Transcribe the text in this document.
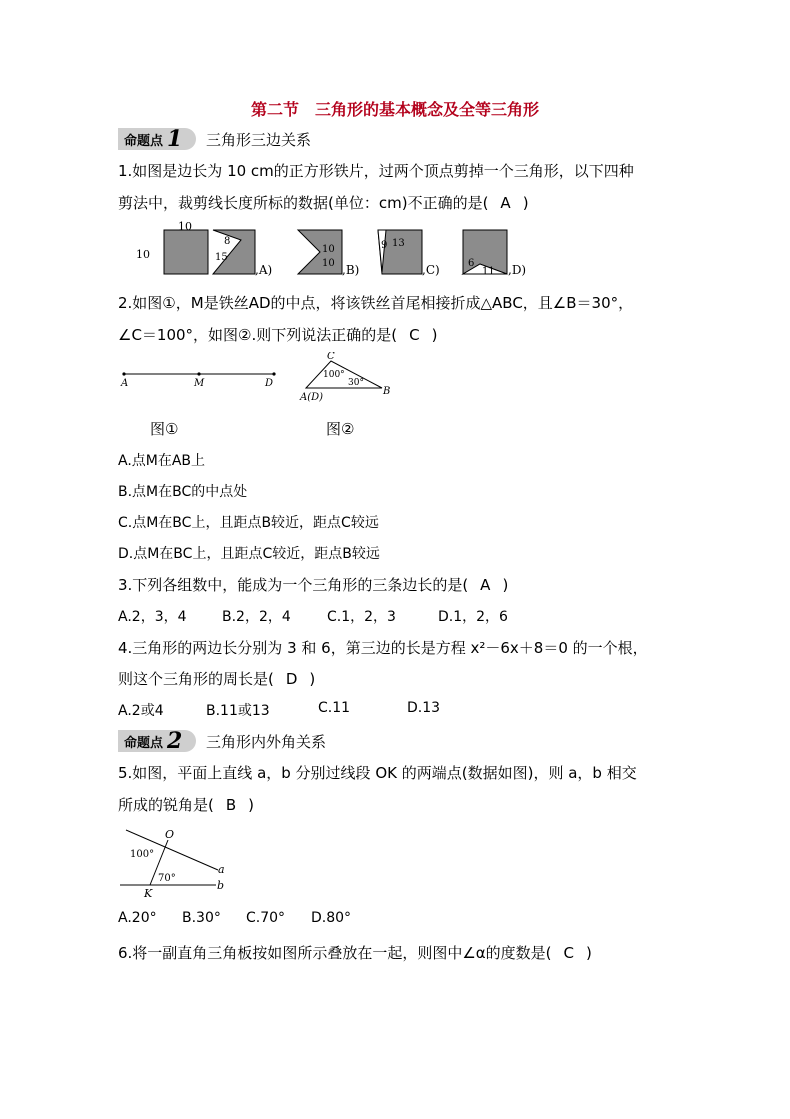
第二节　三角形的基本概念及全等三角形
命题点 1 三角形三边关系
1.如图是边长为 10 cm的正方形铁片，过两个顶点剪掉一个三角形，以下四种
剪法中，裁剪线长度所标的数据(单位：cm)不正确的是( A )
10
10
8
15
,A)
10
10 ,B)
9 13
,C)	6
11 ,D)
2.如图①，M是铁丝AD的中点，将该铁丝首尾相接折成△ABC，且∠B＝30°，
∠C＝100°，如图②.则下列说法正确的是( C )
A	M	D
C
100°
30°
B
A(D)
图①	图②
A.点M在AB上
B.点M在BC的中点处
C.点M在BC上，且距点B较近，距点C较远
D.点M在BC上，且距点C较近，距点B较远
3.下列各组数中，能成为一个三角形的三条边长的是( A )
A.2，3，4	B.2，2，4	C.1，2，3	D.1，2，6
4.三角形的两边长分别为 3 和 6，第三边的长是方程 x²－6x＋8＝0 的一个根，
则这个三角形的周长是( D )
A.2或4	B.11或13	C.11	D.13
命题点 2 三角形内外角关系
5.如图，平面上直线 a，b 分别过线段 OK 的两端点(数据如图)，则 a，b 相交
所成的锐角是( B )
O
K
a
b
100°
70°
A.20° B.30° C.70° D.80°
6.将一副直角三角板按如图所示叠放在一起，则图中∠α的度数是( C )
